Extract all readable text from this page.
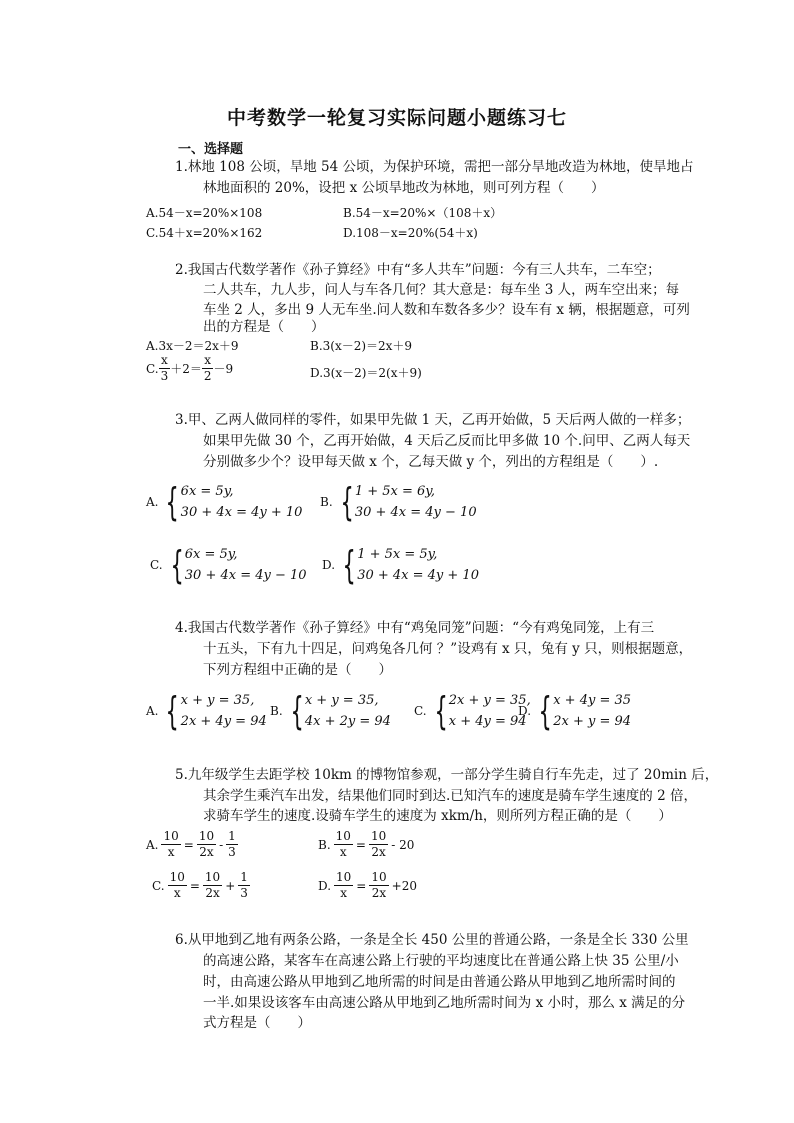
中考数学一轮复习实际问题小题练习七
一、选择题
1.林地 108 公顷，旱地 54 公顷，为保护环境，需把一部分旱地改造为林地，使旱地占
林地面积的 20%，设把 x 公顷旱地改为林地，则可列方程（　　）
A.54－x=20%×108	B.54－x=20%×（108＋x）
C.54＋x=20%×162	D.108－x=20%(54＋x)
2.我国古代数学著作《孙子算经》中有“多人共车”问题：今有三人共车，二车空；
二人共车，九人步，问人与车各几何？其大意是：每车坐 3 人，两车空出来；每
车坐 2 人，多出 9 人无车坐.问人数和车数各多少？设车有 x 辆，根据题意，可列
出的方程是（　　）
A.3x－2＝2x＋9	B.3(x－2)＝2x＋9
C. $\frac{x}{3} +2= \frac{x}{2} -9$	D.3(x－2)＝2(x＋9)
3.甲、乙两人做同样的零件，如果甲先做 1 天，乙再开始做，5 天后两人做的一样多；
如果甲先做 30 个，乙再开始做，4 天后乙反而比甲多做 10 个.问甲、乙两人每天
分别做多少个？设甲每天做 x 个，乙每天做 y 个，列出的方程组是（　　）.
A. { 6x = 5y,
30 + 4x = 4y + 10
B. { 1 + 5x = 6y,
30 + 4x = 4y − 10
C. { 6x = 5y,
30 + 4x = 4y − 10
D. { 1 + 5x = 5y,
30 + 4x = 4y + 10
4.我国古代数学著作《孙子算经》中有“鸡兔同笼”问题：“今有鸡兔同笼，上有三
十五头，下有九十四足，问鸡兔各几何 ？”设鸡有 x 只，兔有 y 只，则根据题意，
下列方程组中正确的是（　　）
A. { x + y = 35,
2x + 4y = 94
B. { x + y = 35,
4x + 2y = 94
C. { 2x + y = 35,
x + 4y = 94
D. { x + 4y = 35
2x + y = 94
5.九年级学生去距学校 10km 的博物馆参观，一部分学生骑自行车先走，过了 20min 后，
其余学生乘汽车出发，结果他们同时到达.已知汽车的速度是骑车学生速度的 2 倍，
求骑车学生的速度.设骑车学生的速度为 xkm/h，则所列方程正确的是（　　）
A. $\frac{10}{x} = \frac{10}{2x} - \frac{1}{3}$	B. $\frac{10}{x} = \frac{10}{2x} - 20$
C. $\frac{10}{x} = \frac{10}{2x} + \frac{1}{3}$	D. $\frac{10}{x} = \frac{10}{2x} +20$
6.从甲地到乙地有两条公路，一条是全长 450 公里的普通公路，一条是全长 330 公里
的高速公路，某客车在高速公路上行驶的平均速度比在普通公路上快 35 公里/小
时，由高速公路从甲地到乙地所需的时间是由普通公路从甲地到乙地所需时间的
一半.如果设该客车由高速公路从甲地到乙地所需时间为 x 小时，那么 x 满足的分
式方程是（　　）
